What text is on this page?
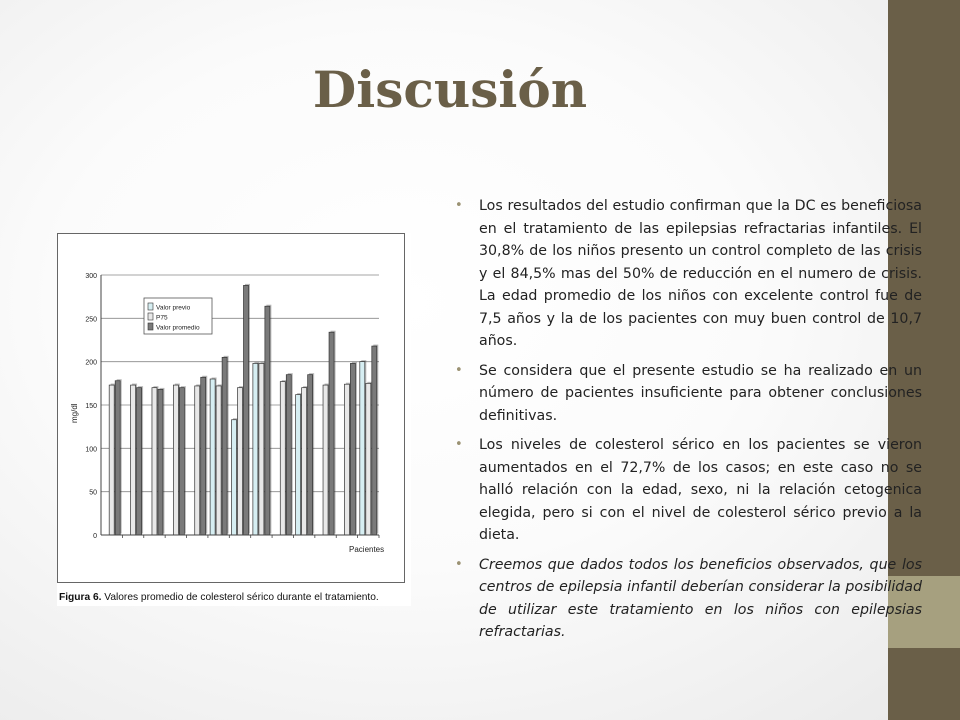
Discusión
0
50
100
150
200
250
300
Valor previo
P75
Valor promedio
mg/dl
Pacientes
Figura 6. Valores promedio de colesterol sérico durante el tratamiento.
• Los resultados del estudio confirman que la DC es beneficiosa en el tratamiento de las epilepsias refractarias infantiles. El 30,8% de los niños presento un control completo de las crisis y el 84,5% mas del 50% de reducción en el numero de crisis. La edad promedio de los niños con excelente control fue de 7,5 años y la de los pacientes con muy buen control de 10,7 años.
• Se considera que el presente estudio se ha realizado en un número de pacientes insuficiente para obtener conclusiones definitivas.
• Los niveles de colesterol sérico en los pacientes se vieron aumentados en el 72,7% de los casos; en este caso no se halló relación con la edad, sexo, ni la relación cetogenica elegida, pero si con el nivel de colesterol sérico previo a la dieta.
• Creemos que dados todos los beneficios observados, que los centros de epilepsia infantil deberían considerar la posibilidad de utilizar este tratamiento en los niños con epilepsias refractarias.
